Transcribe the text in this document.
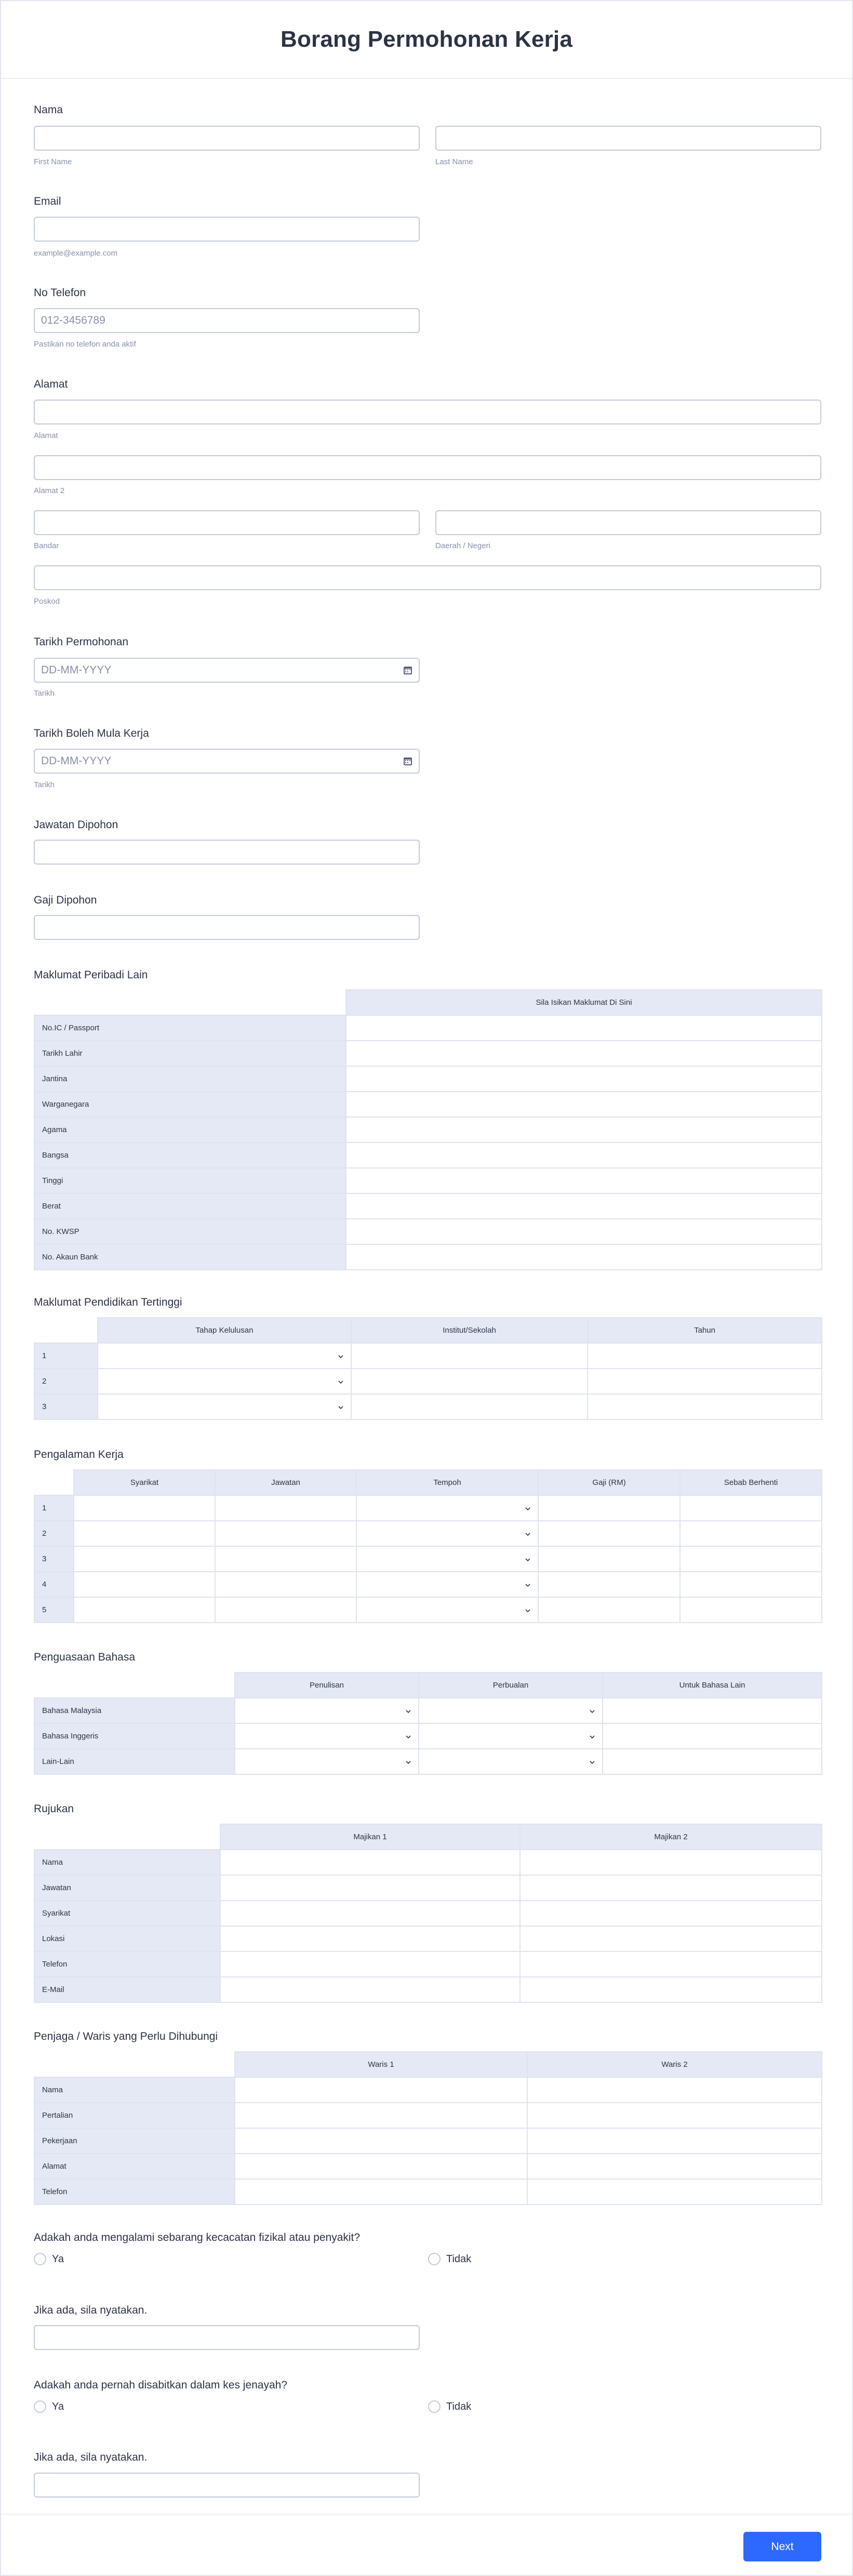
Borang Permohonan Kerja
Nama
First Name	Last Name
Email
example@example.com
No Telefon
012-3456789
Pastikan no telefon anda aktif
Alamat
Alamat
Alamat 2
Bandar	Daerah / Negeri
Poskod
Tarikh Permohonan
DD-MM-YYYY
Tarikh
Tarikh Boleh Mula Kerja
DD-MM-YYYY
Tarikh
Jawatan Dipohon
Gaji Dipohon
Maklumat Peribadi Lain
	Sila Isikan Maklumat Di Sini
No.IC / Passport	
Tarikh Lahir	
Jantina	
Warganegara	
Agama	
Bangsa	
Tinggi	
Berat	
No. KWSP	
No. Akaun Bank	
Maklumat Pendidikan Tertinggi
	Tahap Kelulusan	Institut/Sekolah	Tahun
1	

2	

3	

Pengalaman Kerja
	Syarikat	Jawatan	Tempoh	Gaji (RM)	Sebab Berhenti
1			

2			

3			

4			

5			

Penguasaan Bahasa
	Penulisan	Perbualan	Untuk Bahasa Lain
Bahasa Malaysia	

Bahasa Inggeris	

Lain-Lain	

Rujukan
	Majikan 1	Majikan 2
Nama		
Jawatan		
Syarikat		
Lokasi		
Telefon		
E-Mail		
Penjaga / Waris yang Perlu Dihubungi
	Waris 1	Waris 2
Nama		
Pertalian		
Pekerjaan		
Alamat		
Telefon		
Adakah anda mengalami sebarang kecacatan fizikal atau penyakit?
Ya	Tidak
Jika ada, sila nyatakan.
Adakah anda pernah disabitkan dalam kes jenayah?
Ya	Tidak
Jika ada, sila nyatakan.
Next
